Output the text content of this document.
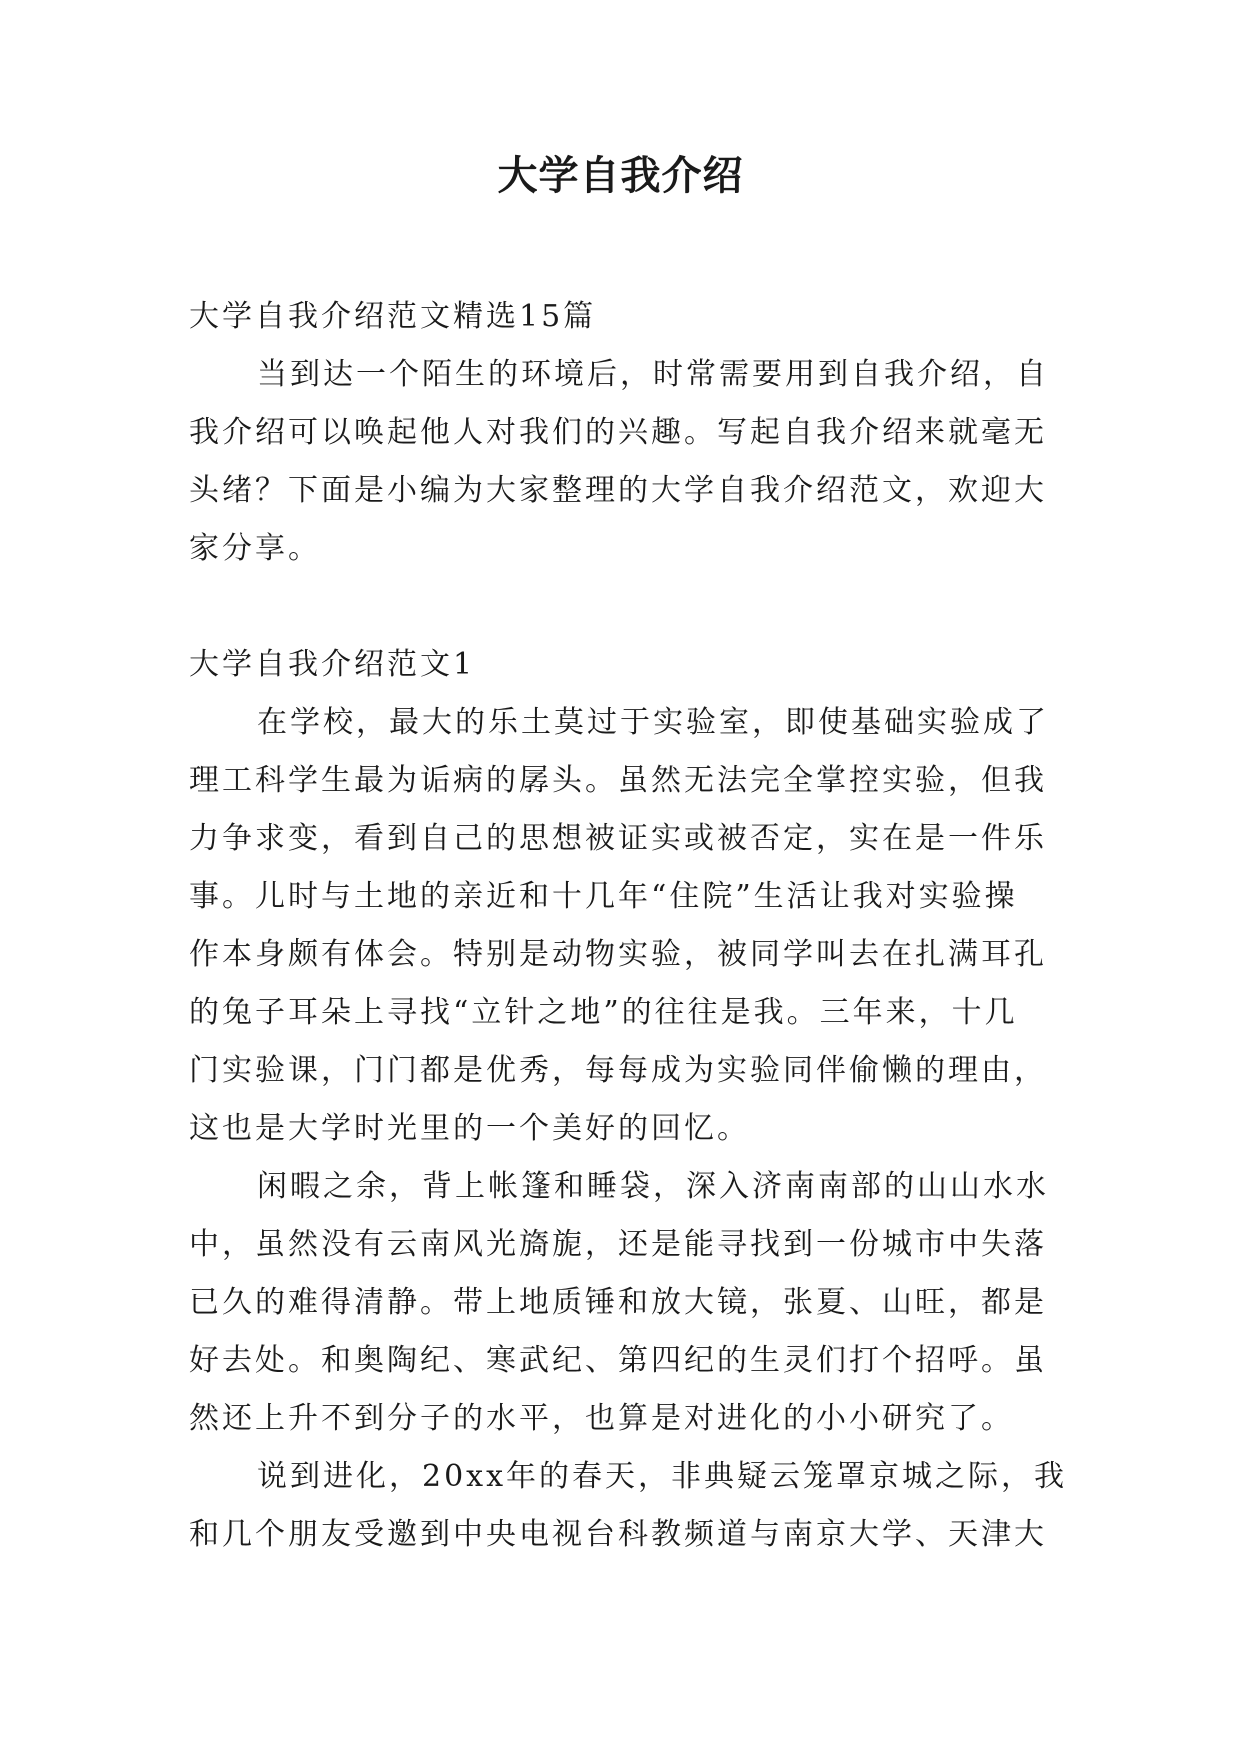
大学自我介绍
大学自我介绍范文精选15篇
当到达一个陌生的环境后，时常需要用到自我介绍，自
我介绍可以唤起他人对我们的兴趣。写起自我介绍来就毫无
头绪？下面是小编为大家整理的大学自我介绍范文，欢迎大
家分享。
大学自我介绍范文1
在学校，最大的乐土莫过于实验室，即使基础实验成了
理工科学生最为诟病的孱头。虽然无法完全掌控实验，但我
力争求变，看到自己的思想被证实或被否定，实在是一件乐
事。儿时与土地的亲近和十几年“住院”生活让我对实验操
作本身颇有体会。特别是动物实验，被同学叫去在扎满耳孔
的兔子耳朵上寻找“立针之地”的往往是我。三年来，十几
门实验课，门门都是优秀，每每成为实验同伴偷懒的理由，
这也是大学时光里的一个美好的回忆。
闲暇之余，背上帐篷和睡袋，深入济南南部的山山水水
中，虽然没有云南风光旖旎，还是能寻找到一份城市中失落
已久的难得清静。带上地质锤和放大镜，张夏、山旺，都是
好去处。和奥陶纪、寒武纪、第四纪的生灵们打个招呼。虽
然还上升不到分子的水平，也算是对进化的小小研究了。
说到进化，20xx年的春天，非典疑云笼罩京城之际，我
和几个朋友受邀到中央电视台科教频道与南京大学、天津大
